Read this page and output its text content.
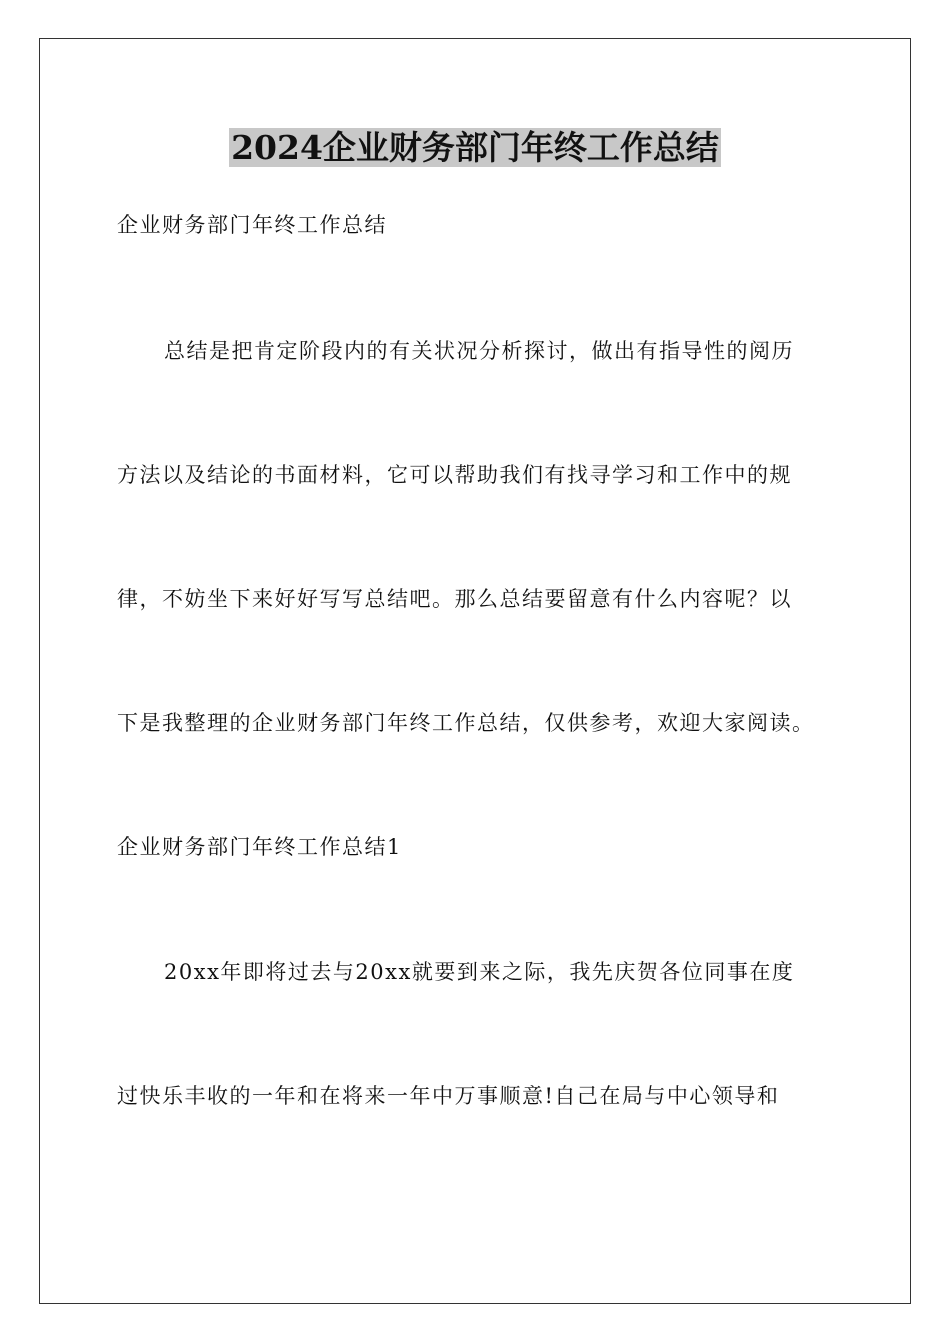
2024企业财务部门年终工作总结

企业财务部门年终工作总结

总结是把肯定阶段内的有关状况分析探讨，做出有指导性的阅历

方法以及结论的书面材料，它可以帮助我们有找寻学习和工作中的规

律，不妨坐下来好好写写总结吧。那么总结要留意有什么内容呢？以

下是我整理的企业财务部门年终工作总结，仅供参考，欢迎大家阅读。

企业财务部门年终工作总结1

20xx年即将过去与20xx就要到来之际，我先庆贺各位同事在度

过快乐丰收的一年和在将来一年中万事顺意!自己在局与中心领导和
